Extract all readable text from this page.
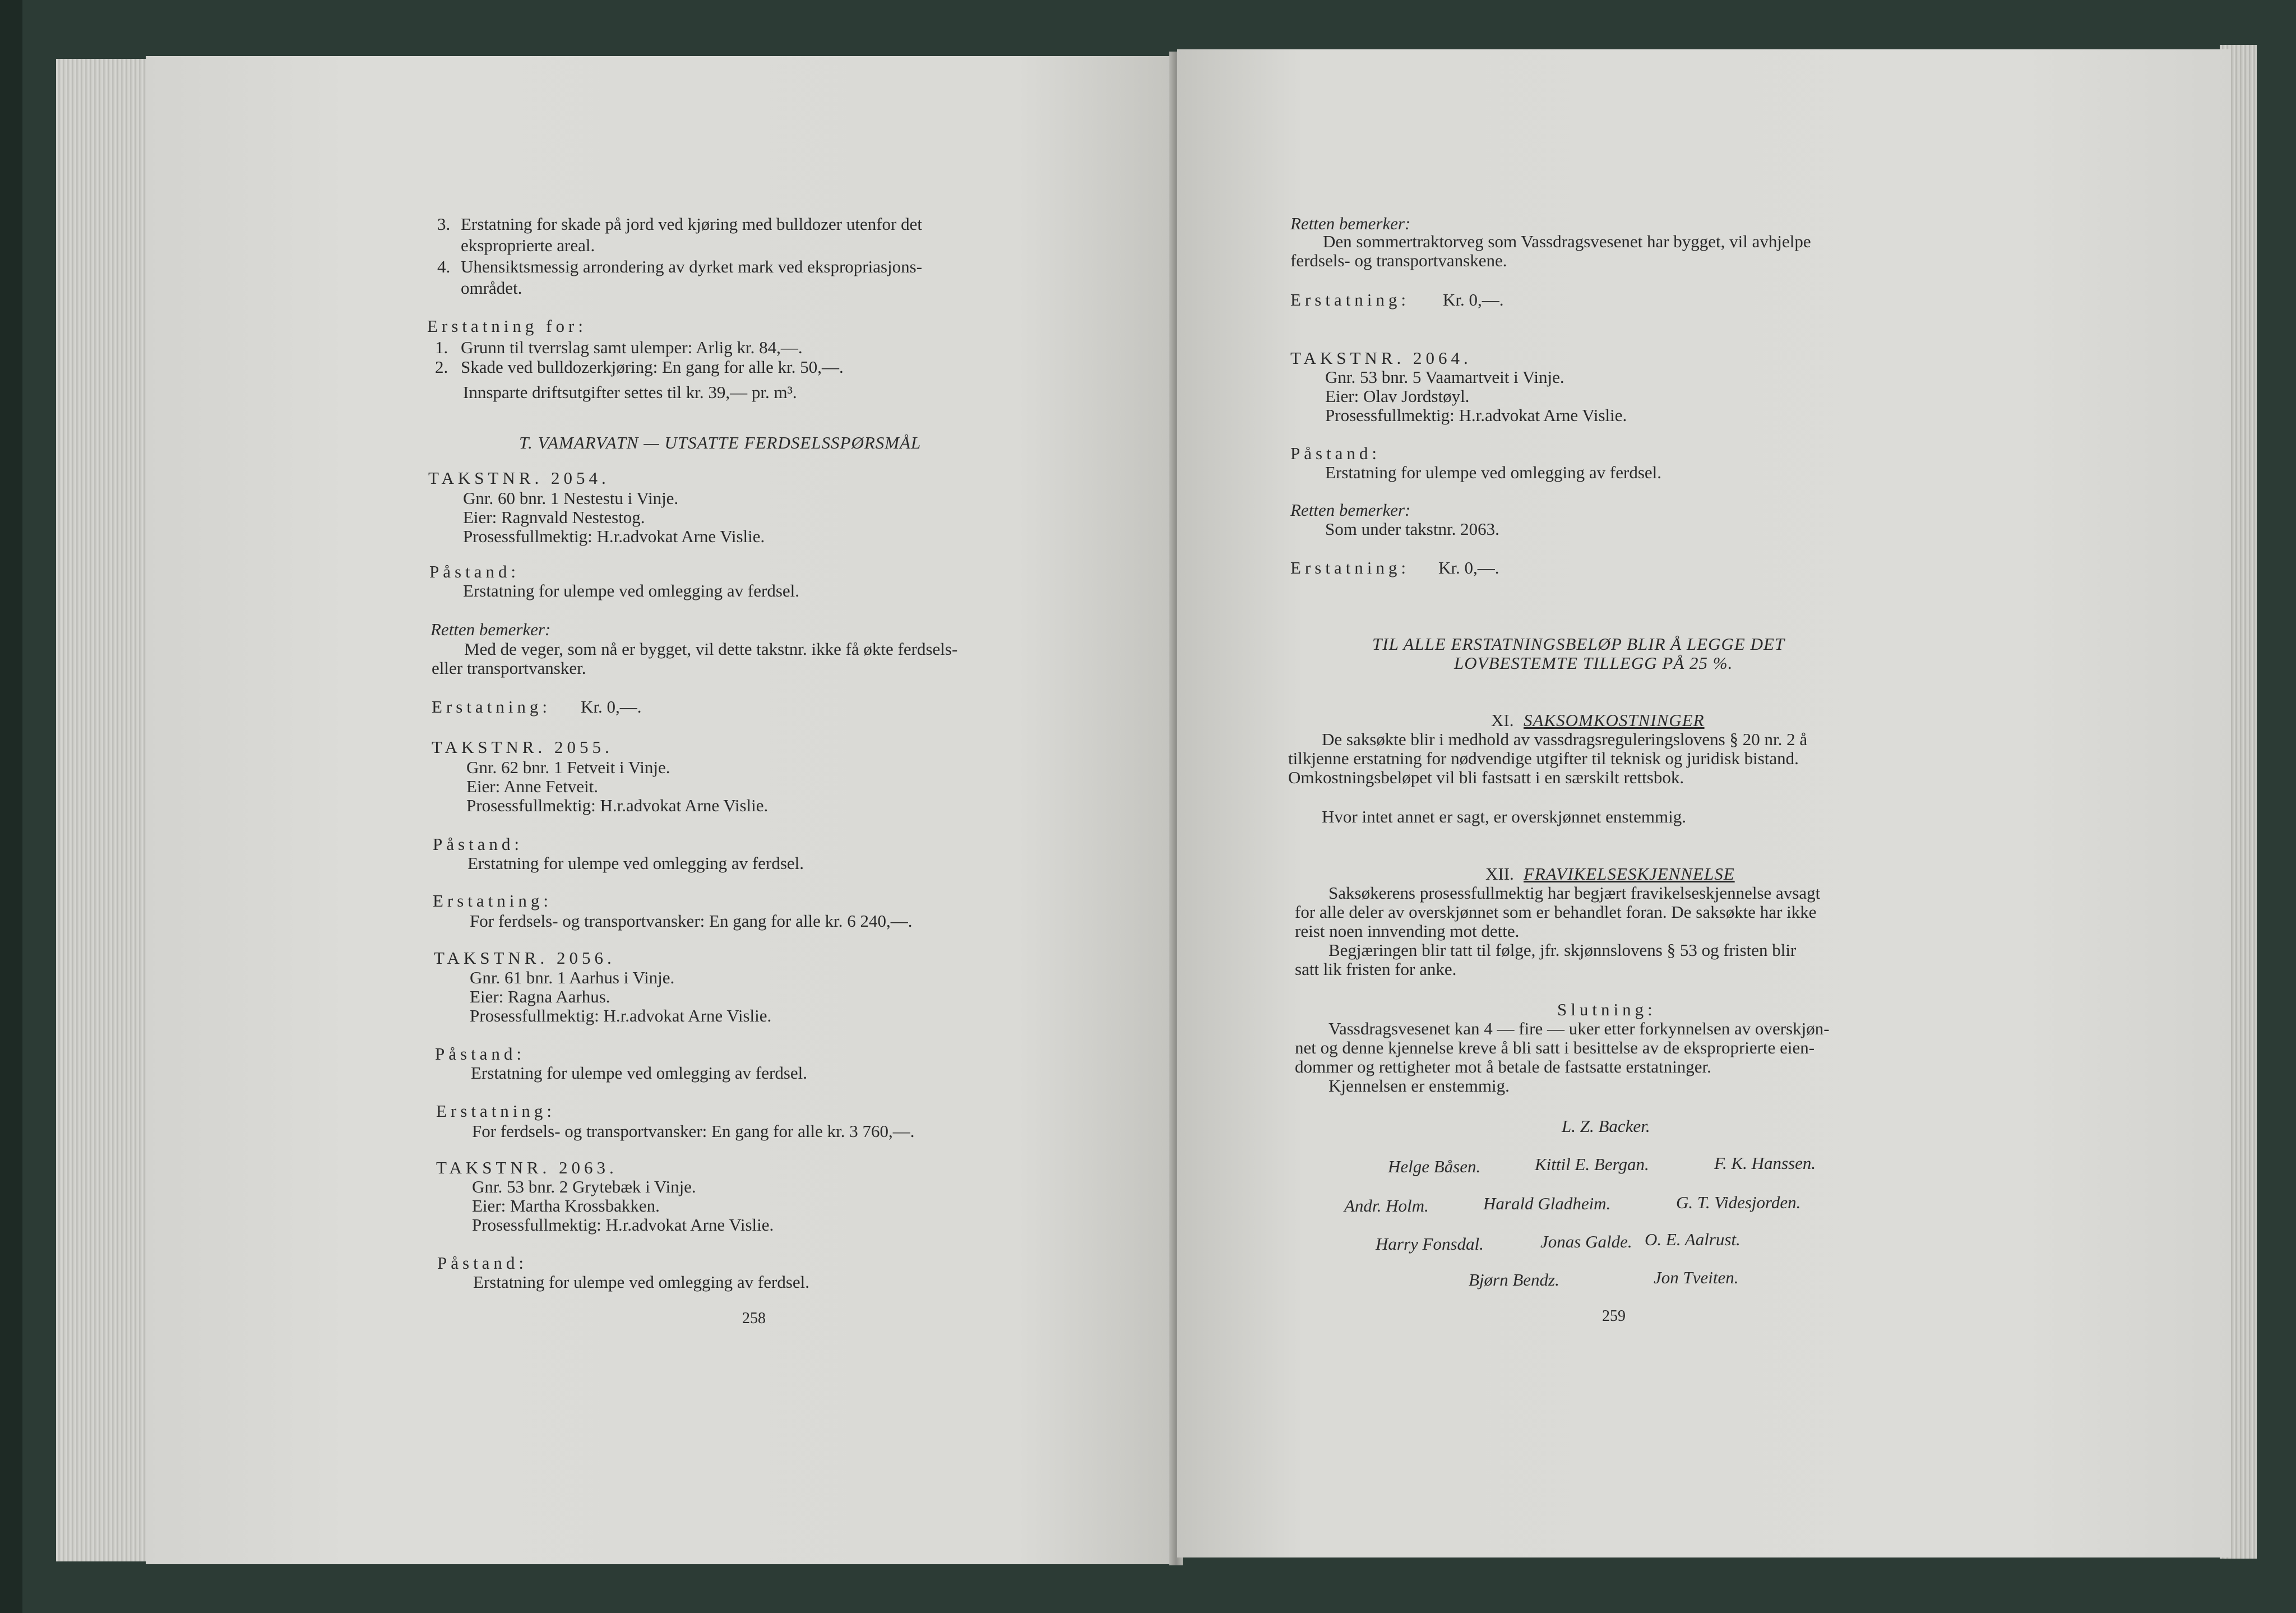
3. Erstatning for skade på jord ved kjøring med bulldozer utenfor det
eksproprierte areal.
4. Uhensiktsmessig arrondering av dyrket mark ved ekspropriasjons-
området.
Erstatning for:
1. Grunn til tverrslag samt ulemper: Arlig kr. 84,—.
2. Skade ved bulldozerkjøring: En gang for alle kr. 50,—.
Innsparte driftsutgifter settes til kr. 39,— pr. m³.
T. VAMARVATN — UTSATTE FERDSELSSPØRSMÅL
TAKSTNR. 2054.
Gnr. 60 bnr. 1 Nestestu i Vinje.
Eier: Ragnvald Nestestog.
Prosessfullmektig: H.r.advokat Arne Vislie.
Påstand:
Erstatning for ulempe ved omlegging av ferdsel.
Retten bemerker:
Med de veger, som nå er bygget, vil dette takstnr. ikke få økte ferdsels-
eller transportvansker.
Erstatning: Kr. 0,—.
TAKSTNR. 2055.
Gnr. 62 bnr. 1 Fetveit i Vinje.
Eier: Anne Fetveit.
Prosessfullmektig: H.r.advokat Arne Vislie.
Påstand:
Erstatning for ulempe ved omlegging av ferdsel.
Erstatning:
For ferdsels- og transportvansker: En gang for alle kr. 6 240,—.
TAKSTNR. 2056.
Gnr. 61 bnr. 1 Aarhus i Vinje.
Eier: Ragna Aarhus.
Prosessfullmektig: H.r.advokat Arne Vislie.
Påstand:
Erstatning for ulempe ved omlegging av ferdsel.
Erstatning:
For ferdsels- og transportvansker: En gang for alle kr. 3 760,—.
TAKSTNR. 2063.
Gnr. 53 bnr. 2 Grytebæk i Vinje.
Eier: Martha Krossbakken.
Prosessfullmektig: H.r.advokat Arne Vislie.
Påstand:
Erstatning for ulempe ved omlegging av ferdsel.
258
Retten bemerker:
Den sommertraktorveg som Vassdragsvesenet har bygget, vil avhjelpe
ferdsels- og transportvanskene.
Erstatning: Kr. 0,—.
TAKSTNR. 2064.
Gnr. 53 bnr. 5 Vaamartveit i Vinje.
Eier: Olav Jordstøyl.
Prosessfullmektig: H.r.advokat Arne Vislie.
Påstand:
Erstatning for ulempe ved omlegging av ferdsel.
Retten bemerker:
Som under takstnr. 2063.
Erstatning: Kr. 0,—.
TIL ALLE ERSTATNINGSBELØP BLIR Å LEGGE DET
LOVBESTEMTE TILLEGG PÅ 25 %.
XI. SAKSOMKOSTNINGER
De saksøkte blir i medhold av vassdragsreguleringslovens § 20 nr. 2 å
tilkjenne erstatning for nødvendige utgifter til teknisk og juridisk bistand.
Omkostningsbeløpet vil bli fastsatt i en særskilt rettsbok.
Hvor intet annet er sagt, er overskjønnet enstemmig.
XII. FRAVIKELSESKJENNELSE
Saksøkerens prosessfullmektig har begjært fravikelseskjennelse avsagt
for alle deler av overskjønnet som er behandlet foran. De saksøkte har ikke
reist noen innvending mot dette.
Begjæringen blir tatt til følge, jfr. skjønnslovens § 53 og fristen blir
satt lik fristen for anke.
Slutning:
Vassdragsvesenet kan 4 — fire — uker etter forkynnelsen av overskjøn-
net og denne kjennelse kreve å bli satt i besittelse av de eksproprierte eien-
dommer og rettigheter mot å betale de fastsatte erstatninger.
Kjennelsen er enstemmig.
L. Z. Backer.
Helge Båsen.	Kittil E. Bergan.	F. K. Hanssen.
Andr. Holm.	Harald Gladheim.	G. T. Videsjorden.
Harry Fonsdal.	Jonas Galde. O. E. Aalrust.
Bjørn Bendz.	Jon Tveiten.
259
